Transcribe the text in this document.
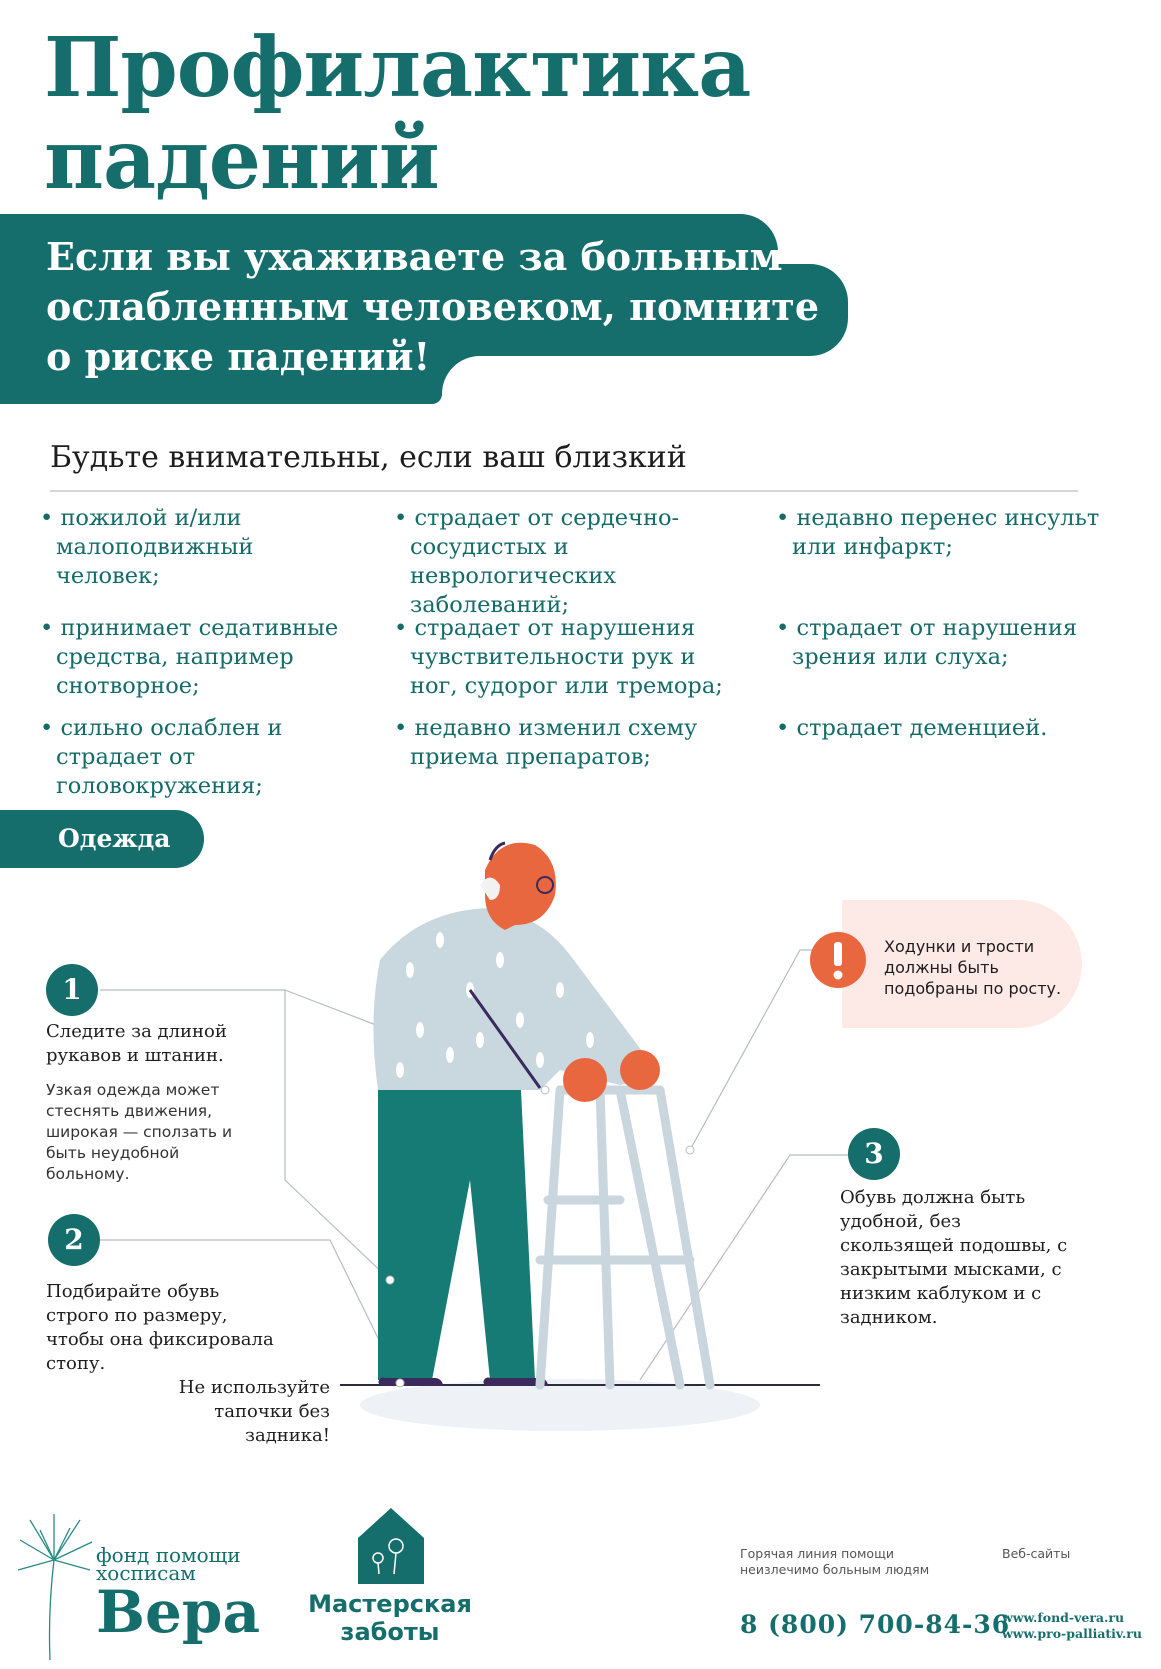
Профилактика
падений
Если вы ухаживаете за больным
ослабленным человеком, помните
о риске падений!
Будьте внимательны, если ваш близкий
• пожилой и/или малоподвижный человек;
• страдает от сердечно-сосудистых и неврологических заболеваний;
• недавно перенес инсульт или инфаркт;
• принимает седативные средства, например снотворное;
• страдает от нарушения чувствительности рук и ног, судорог или тремора;
• страдает от нарушения зрения или слуха;
• сильно ослаблен и страдает от головокружения;
• недавно изменил схему приема препаратов;
• страдает деменцией.
Одежда
Ходунки и трости должны быть подобраны по росту.
1
Следите за длиной рукавов и штанин.
Узкая одежда может стеснять движения, широкая — сползать и быть неудобной больному.
2
Подбирайте обувь строго по размеру, чтобы она фиксировала стопу.
Не используйте тапочки без задника!
3
Обувь должна быть удобной, без скользящей подошвы, с закрытыми мысками, с низким каблуком и с задником.
фонд помощи
хосписам
Вера	Мастерская
заботы
Горячая линия помощи неизлечимо больным людям
8 (800) 700-84-36
Веб-сайты
www.fond-vera.ru
www.pro-palliativ.ru
